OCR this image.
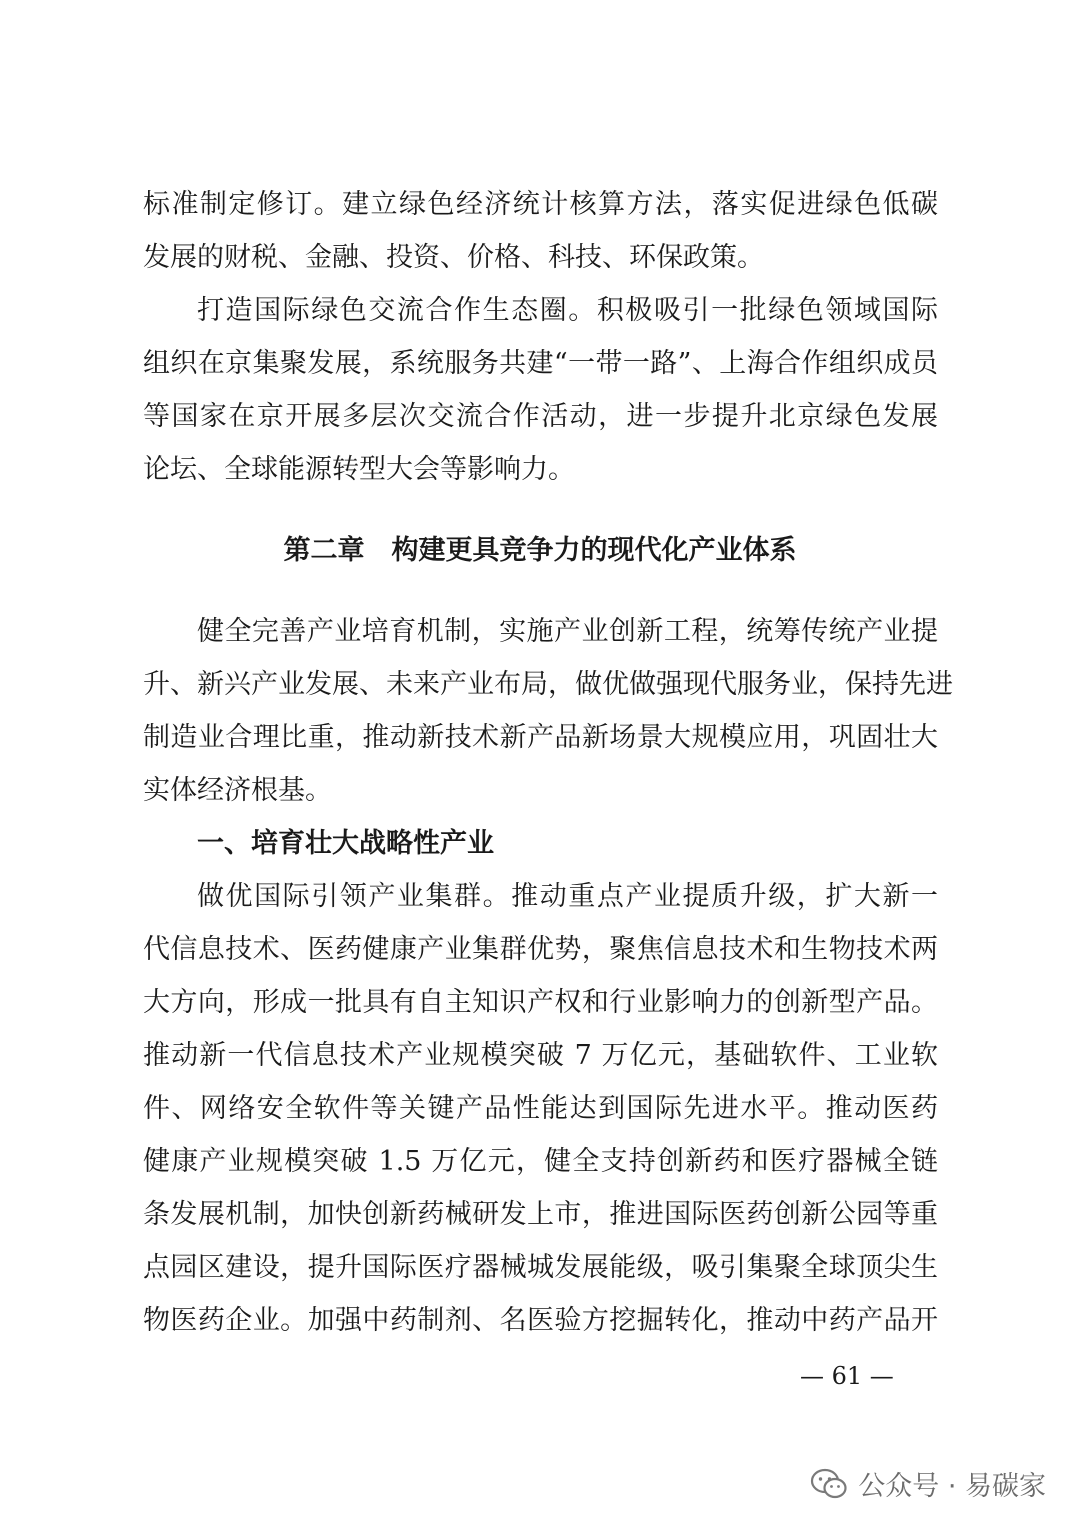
标准制定修订。建立绿色经济统计核算方法，落实促进绿色低碳
发展的财税、金融、投资、价格、科技、环保政策。
打造国际绿色交流合作生态圈。积极吸引一批绿色领域国际
组织在京集聚发展，系统服务共建“一带一路”、上海合作组织成员
等国家在京开展多层次交流合作活动，进一步提升北京绿色发展
论坛、全球能源转型大会等影响力。
第二章　构建更具竞争力的现代化产业体系
健全完善产业培育机制，实施产业创新工程，统筹传统产业提
升、新兴产业发展、未来产业布局，做优做强现代服务业，保持先进
制造业合理比重，推动新技术新产品新场景大规模应用，巩固壮大
实体经济根基。
一、培育壮大战略性产业
做优国际引领产业集群。推动重点产业提质升级，扩大新一
代信息技术、医药健康产业集群优势，聚焦信息技术和生物技术两
大方向，形成一批具有自主知识产权和行业影响力的创新型产品。
推动新一代信息技术产业规模突破 7 万亿元，基础软件、工业软
件、网络安全软件等关键产品性能达到国际先进水平。推动医药
健康产业规模突破 1.5 万亿元，健全支持创新药和医疗器械全链
条发展机制，加快创新药械研发上市，推进国际医药创新公园等重
点园区建设，提升国际医疗器械城发展能级，吸引集聚全球顶尖生
物医药企业。加强中药制剂、名医验方挖掘转化，推动中药产品开
— 61 —
公众号 · 易碳家
